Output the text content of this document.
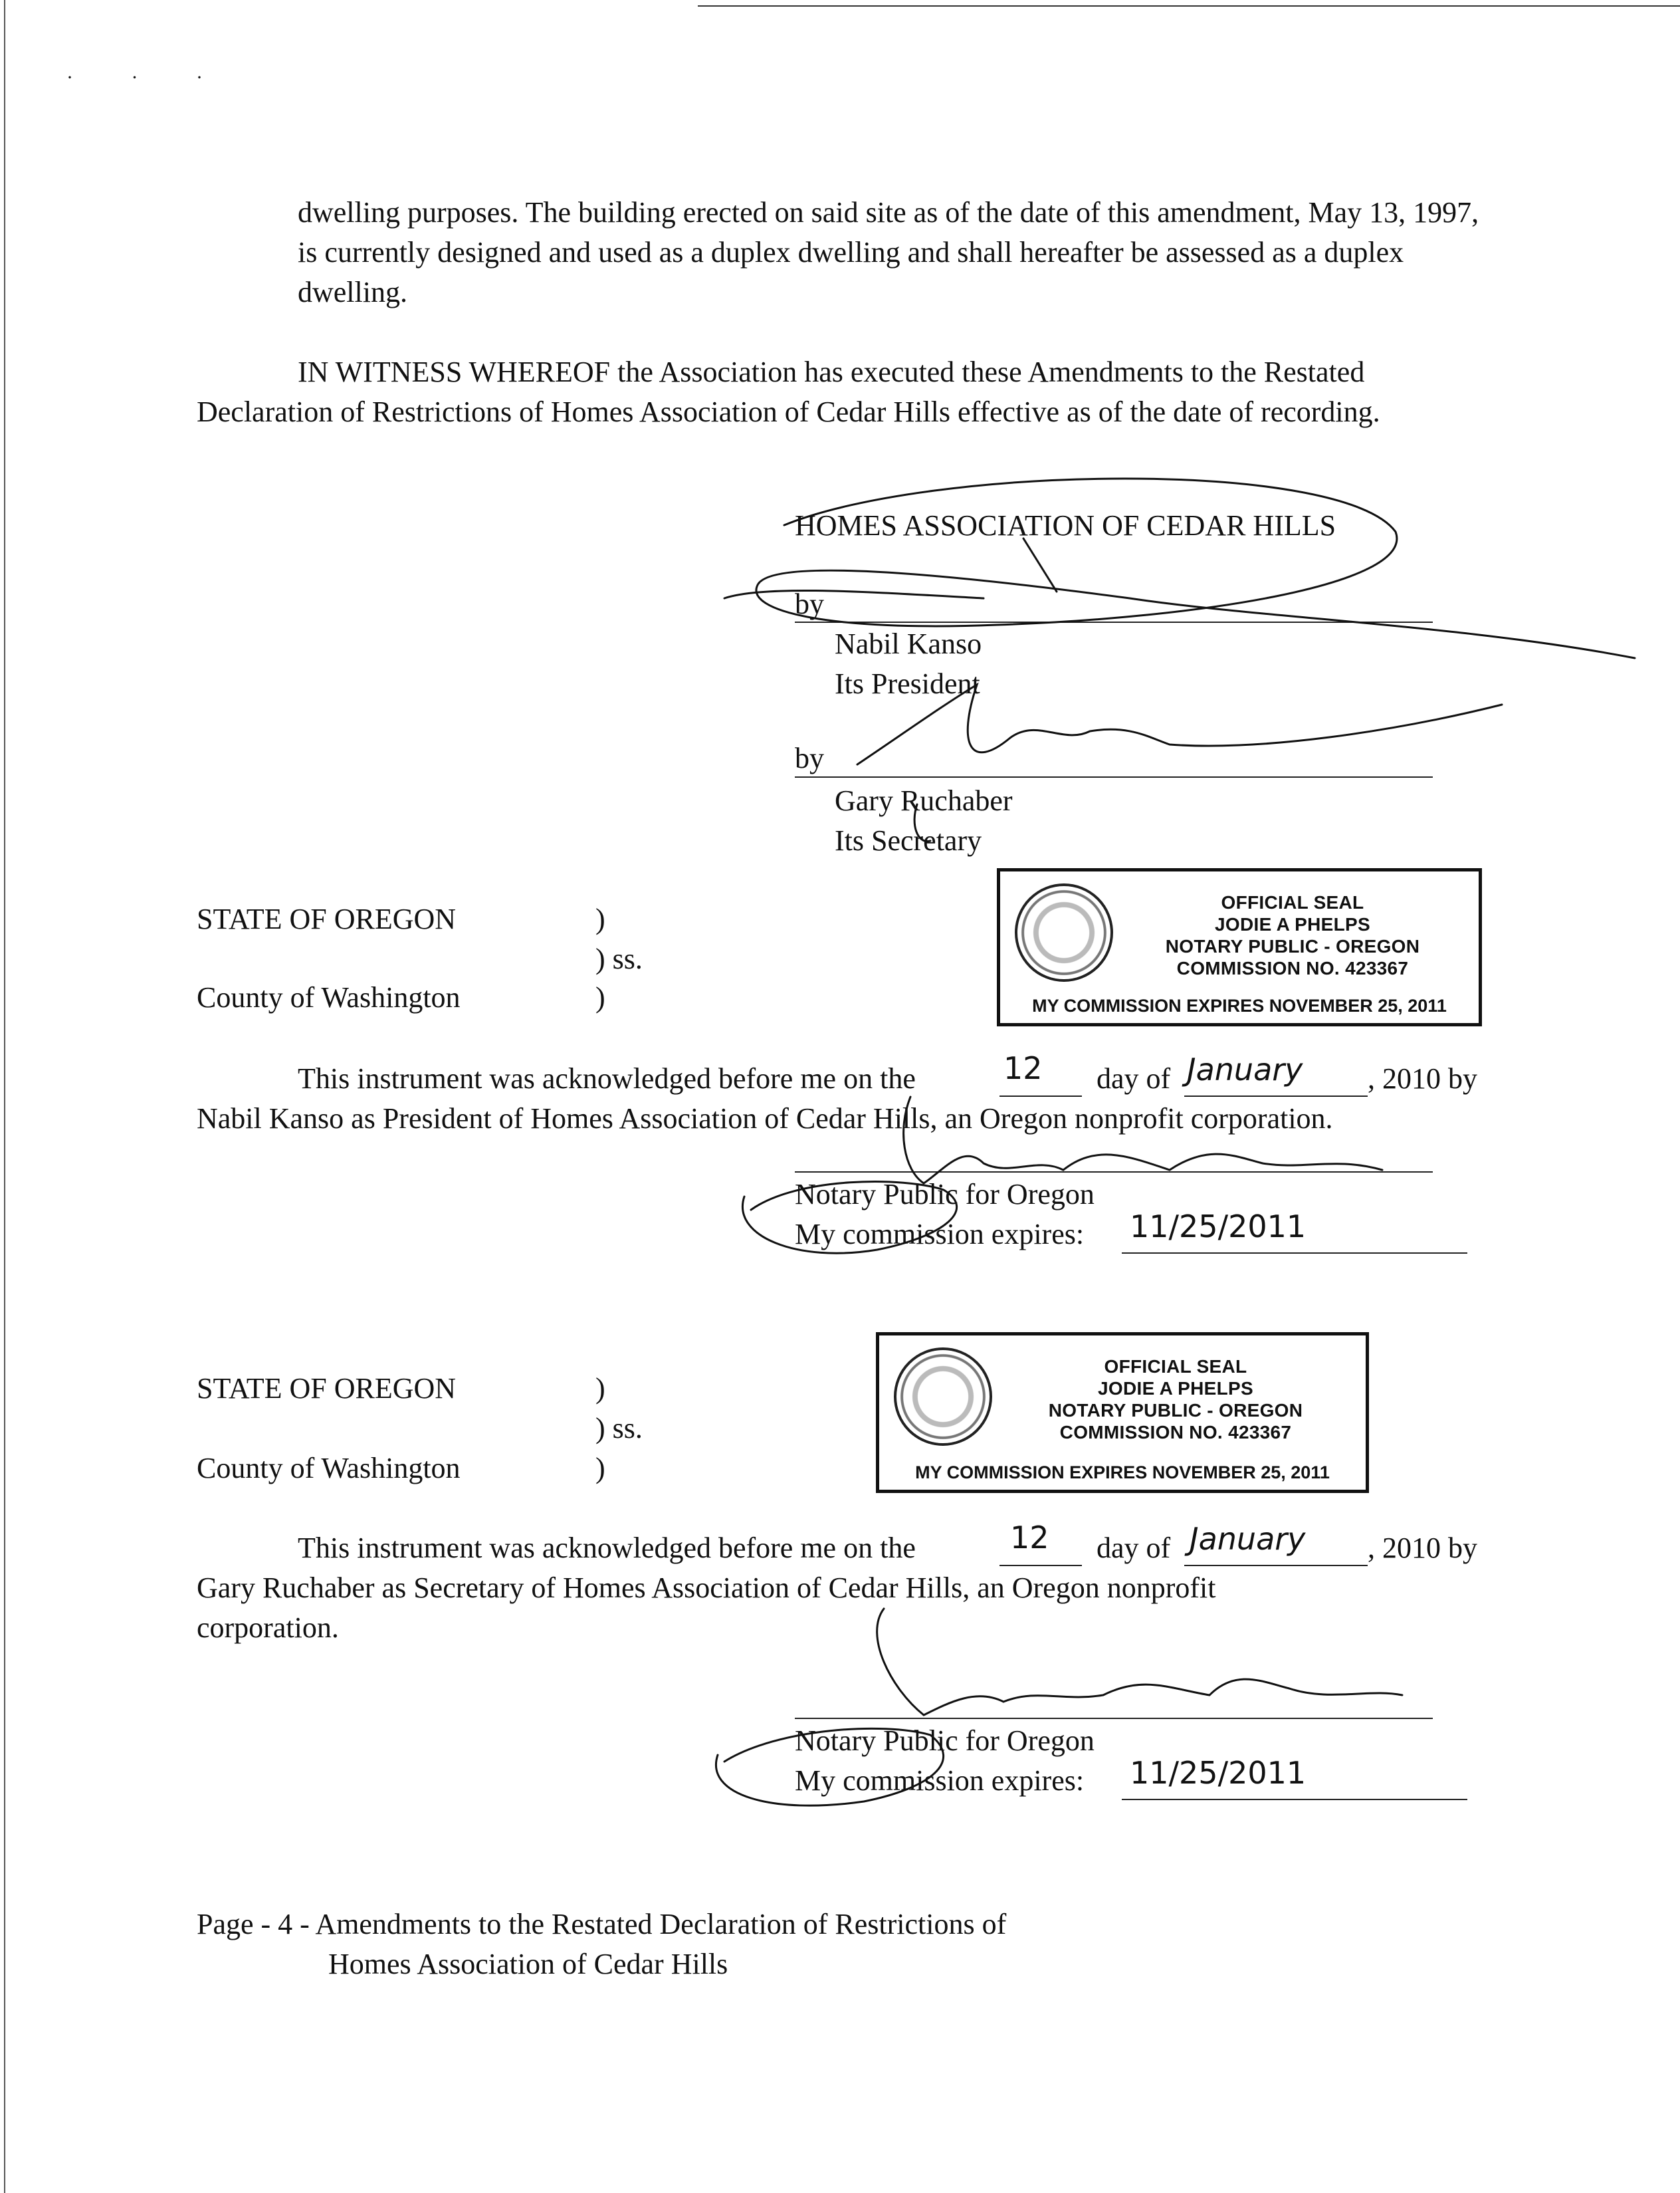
· · ·
dwelling purposes. The building erected on said site as of the date of this amendment, May 13, 1997, is currently designed and used as a duplex dwelling and shall hereafter be assessed as a duplex dwelling.
IN WITNESS WHEREOF the Association has executed these Amendments to the Restated Declaration of Restrictions of Homes Association of Cedar Hills effective as of the date of recording.
HOMES ASSOCIATION OF CEDAR HILLS
by
Nabil Kanso
Its President
by
Gary Ruchaber
Its Secretary
STATE OF OREGON	)
) ss.
County of Washington	)
OFFICIAL SEAL
JODIE A PHELPS
NOTARY PUBLIC - OREGON
COMMISSION NO. 423367
MY COMMISSION EXPIRES NOVEMBER 25, 2011
This instrument was acknowledged before me on the	12 day of January , 2010 by
Nabil Kanso as President of Homes Association of Cedar Hills, an Oregon nonprofit corporation.
Notary Public for Oregon
My commission expires: 11/25/2011
STATE OF OREGON	)
) ss.
County of Washington	)
OFFICIAL SEAL
JODIE A PHELPS
NOTARY PUBLIC - OREGON
COMMISSION NO. 423367
MY COMMISSION EXPIRES NOVEMBER 25, 2011
This instrument was acknowledged before me on the	12 day of January , 2010 by
Gary Ruchaber as Secretary of Homes Association of Cedar Hills, an Oregon nonprofit
corporation.
Notary Public for Oregon
My commission expires: 11/25/2011
Page - 4 - Amendments to the Restated Declaration of Restrictions of
Homes Association of Cedar Hills
